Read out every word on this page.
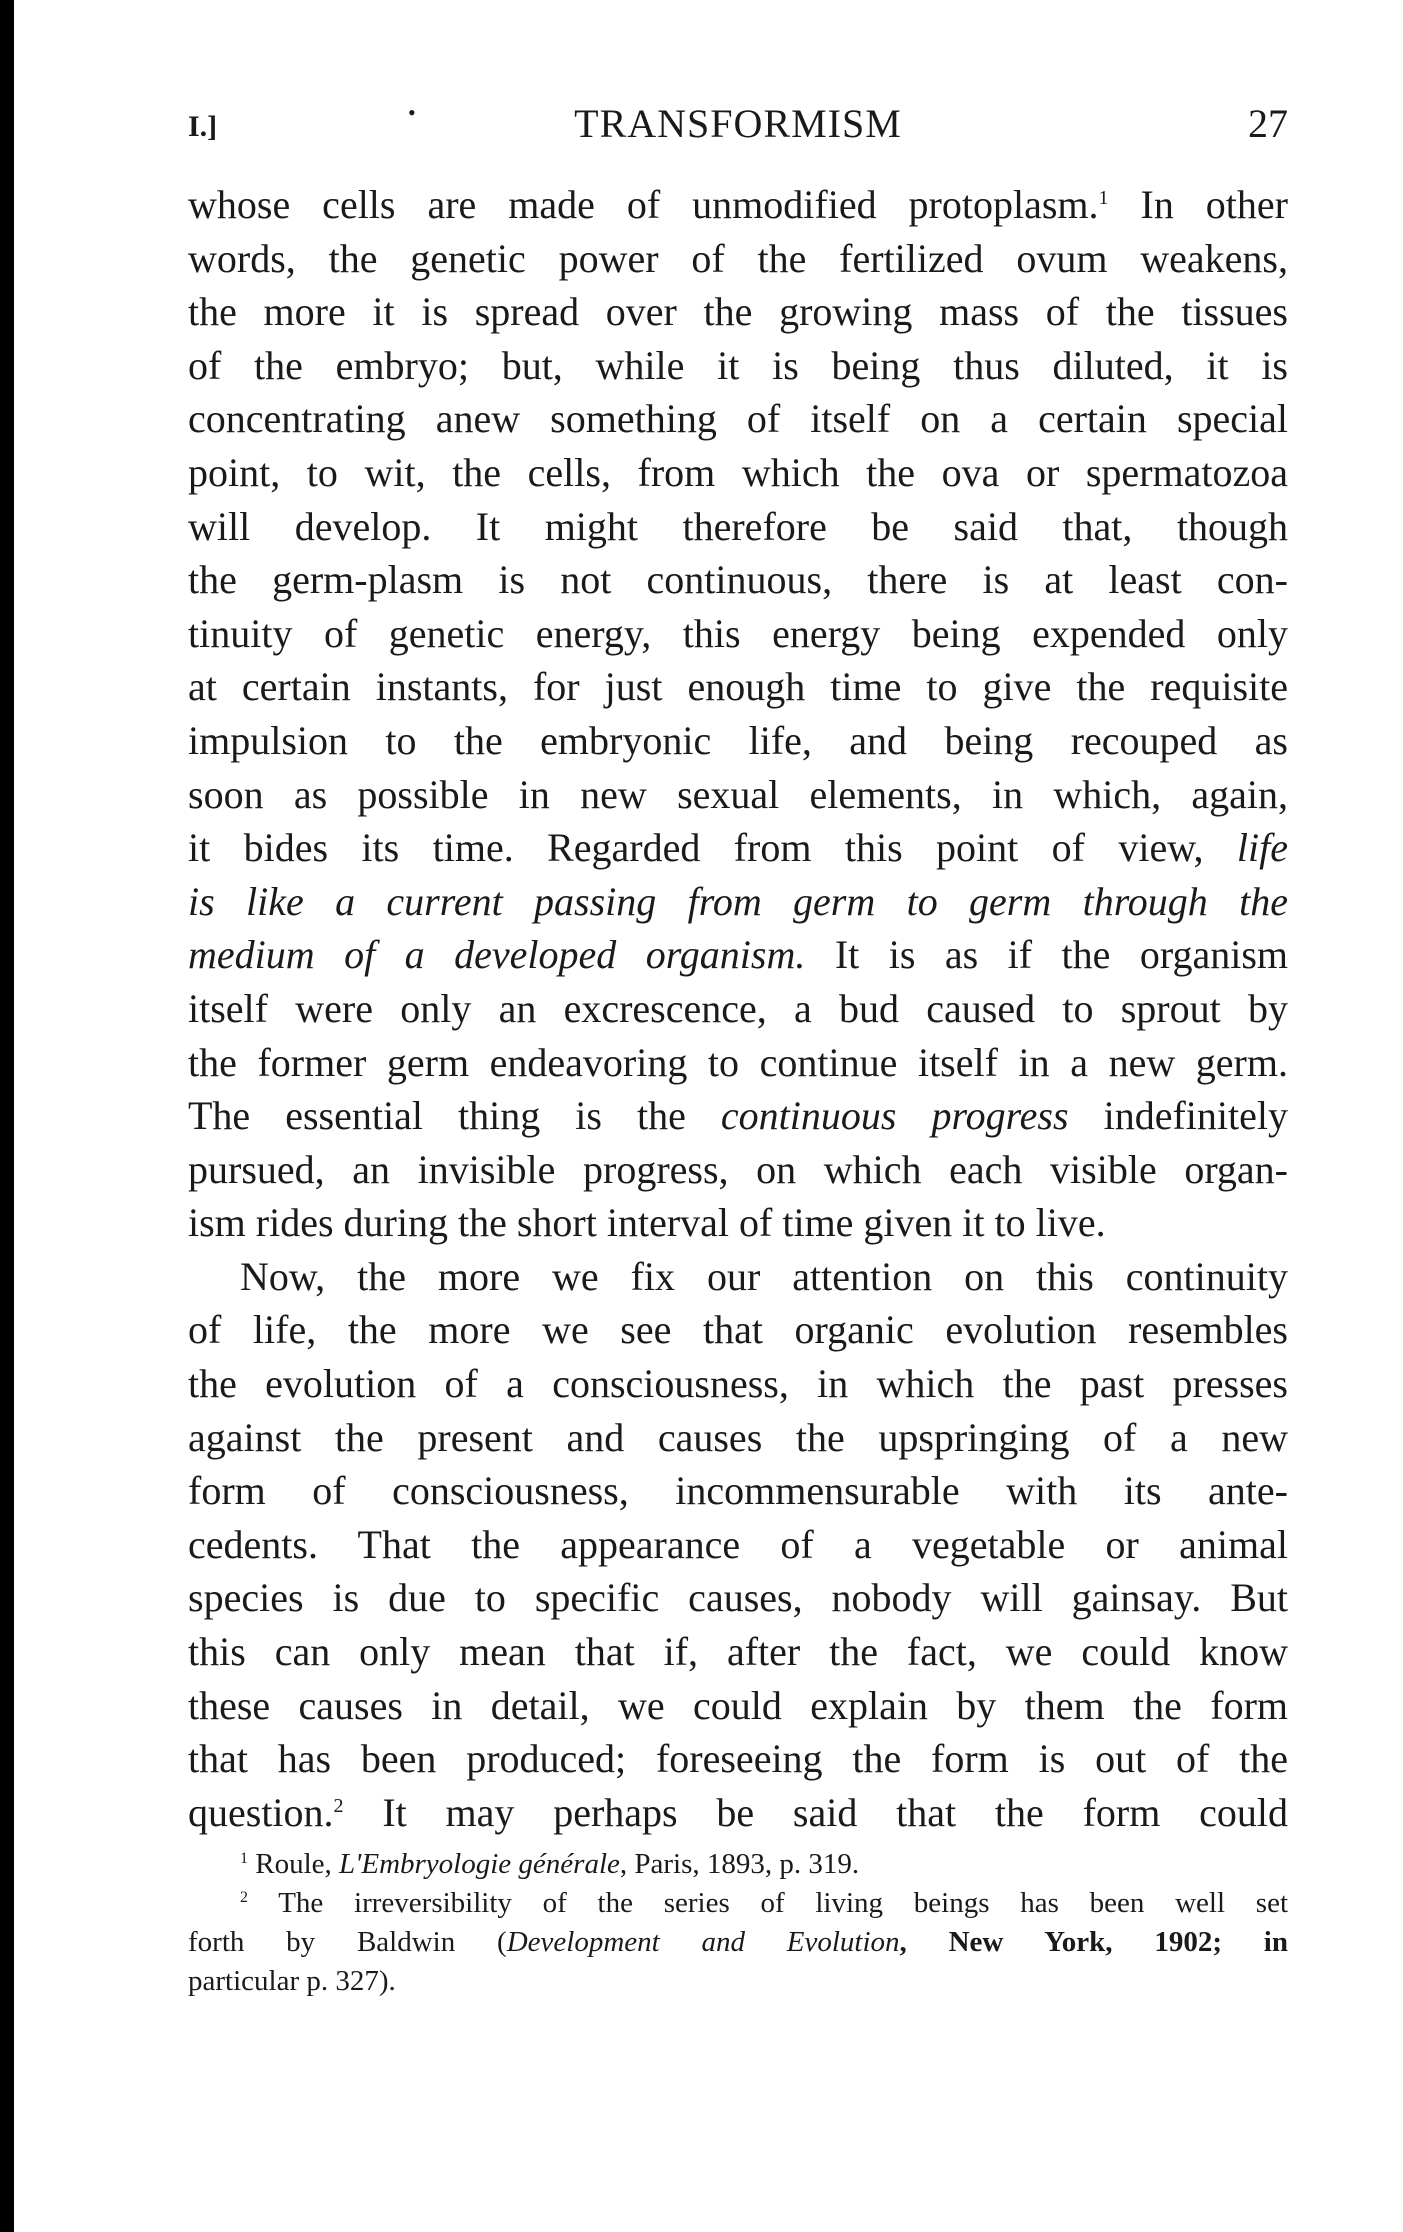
I.]	•	TRANSFORMISM	27
whose cells are made of unmodified protoplasm.$^1$ In other
words, the genetic power of the fertilized ovum weakens,
the more it is spread over the growing mass of the tissues
of the embryo; but, while it is being thus diluted, it is
concentrating anew something of itself on a certain special
point, to wit, the cells, from which the ova or spermatozoa
will develop. It might therefore be said that, though
the germ-plasm is not continuous, there is at least con-
tinuity of genetic energy, this energy being expended only
at certain instants, for just enough time to give the requisite
impulsion to the embryonic life, and being recouped as
soon as possible in new sexual elements, in which, again,
it bides its time. Regarded from this point of view, life
is like a current passing from germ to germ through the
medium of a developed organism. It is as if the organism
itself were only an excrescence, a bud caused to sprout by
the former germ endeavoring to continue itself in a new germ.
The essential thing is the continuous progress indefinitely
pursued, an invisible progress, on which each visible organ-
ism rides during the short interval of time given it to live.
Now, the more we fix our attention on this continuity
of life, the more we see that organic evolution resembles
the evolution of a consciousness, in which the past presses
against the present and causes the upspringing of a new
form of consciousness, incommensurable with its ante-
cedents. That the appearance of a vegetable or animal
species is due to specific causes, nobody will gainsay. But
this can only mean that if, after the fact, we could know
these causes in detail, we could explain by them the form
that has been produced; foreseeing the form is out of the
question.$^2$ It may perhaps be said that the form could
$^1$ Roule, L'Embryologie générale, Paris, 1893, p. 319.
$^2$ The irreversibility of the series of living beings has been well set
forth by Baldwin (Development and Evolution, New York, 1902; in
particular p. 327).
